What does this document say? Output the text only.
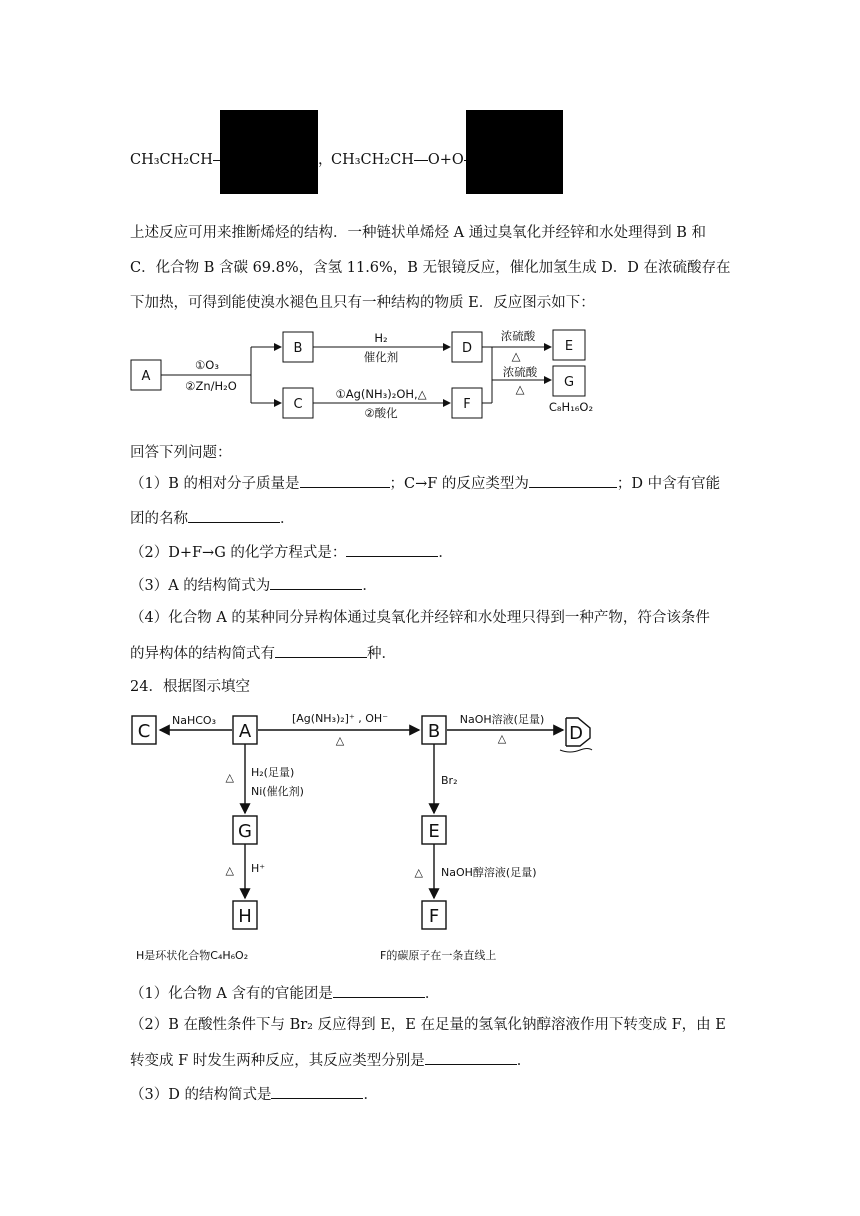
CH₃CH₂CH	，
CH₃CH₂CH O+O
上述反应可用来推断烯烃的结构．一种链状单烯烃 A 通过臭氧化并经锌和水处理得到 B 和
C．化合物 B 含碳 69.8%，含氢 11.6%，B 无银镜反应，催化加氢生成 D．D 在浓硫酸存在
下加热，可得到能使溴水褪色且只有一种结构的物质 E．反应图示如下：
A
B
C
D
F
E
G
①O₃
②Zn/H₂O
H₂
催化剂
①Ag(NH₃)₂OH,△
②酸化
浓硫酸
△
浓硫酸
△
C₈H₁₆O₂
回答下列问题：
（1）B 的相对分子质量是	；C→F 的反应类型为	；D 中含有官能
团的名称	．
（2）D+F→G 的化学方程式是：	．
（3）A 的结构简式为	．
（4）化合物 A 的某种同分异构体通过臭氧化并经锌和水处理只得到一种产物，符合该条件
的异构体的结构简式有	种．
24．根据图示填空
C	A	B	D
G
H
E
F
NaHCO₃	[Ag(NH₃)₂]⁺ , OH⁻
△
NaOH溶液(足量)
△
△ H₂(足量)
Ni(催化剂)
△ H⁺
Br₂
△ NaOH醇溶液(足量)
H是环状化合物C₄H₆O₂	F的碳原子在一条直线上
（1）化合物 A 含有的官能团是	．
（2）B 在酸性条件下与 Br₂ 反应得到 E，E 在足量的氢氧化钠醇溶液作用下转变成 F，由 E
转变成 F 时发生两种反应，其反应类型分别是	．
（3）D 的结构简式是	．
